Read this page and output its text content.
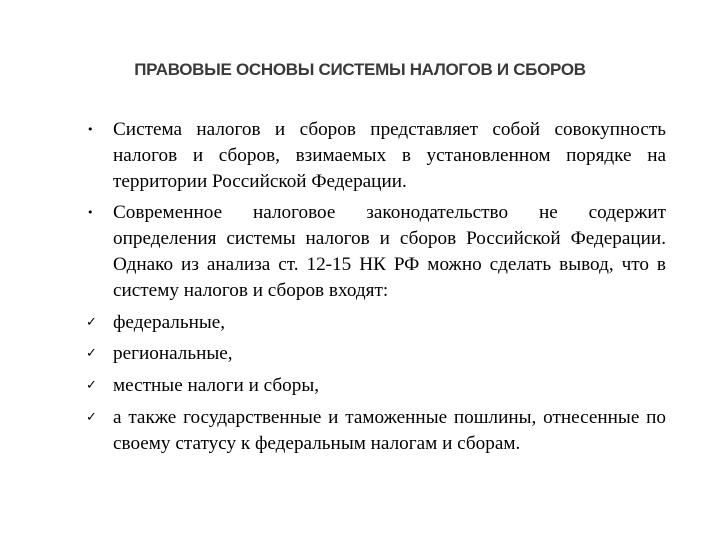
ПРАВОВЫЕ ОСНОВЫ СИСТЕМЫ НАЛОГОВ И СБОРОВ
• Система налогов и сборов представляет собой совокупность налогов и сборов, взимаемых в установленном порядке на территории Российской Федерации.
• Современное налоговое законодательство не содержит определения системы налогов и сборов Российской Федерации. Однако из анализа ст. 12-15 НК РФ можно сделать вывод, что в систему налогов и сборов входят:
✓ федеральные,
✓ региональные,
✓ местные налоги и сборы,
✓ а также государственные и таможенные пошлины, отнесенные по своему статусу к федеральным налогам и сборам.
